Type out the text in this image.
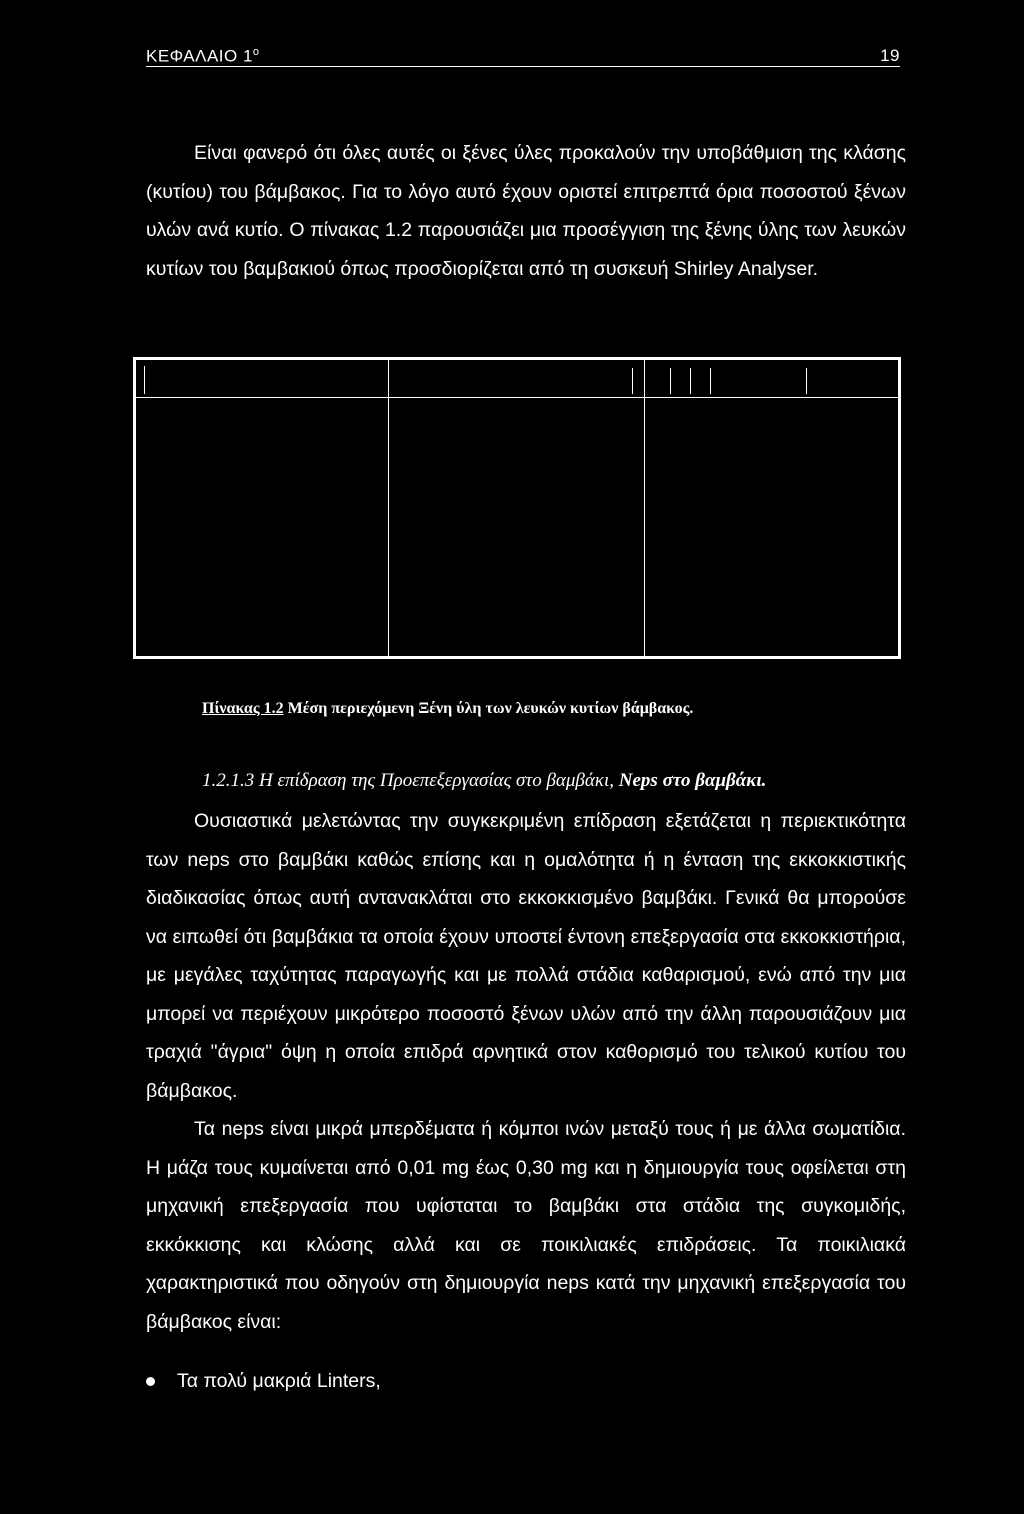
ΚΕΦΑΛΑΙΟ $1^o$	19

Είναι φανερό ότι όλες αυτές οι ξένες ύλες προκαλούν την υποβάθμιση της κλάσης (κυτίου) του βάμβακος. Για το λόγο αυτό έχουν οριστεί επιτρεπτά όρια ποσοστού ξένων υλών ανά κυτίο. Ο πίνακας 1.2 παρουσιάζει μια προσέγγιση της ξένης ύλης των λευκών κυτίων του βαμβακιού όπως προσδιορίζεται από τη συσκευή Shirley Analyser.

Πίνακας 1.2 Μέση περιεχόμενη Ξένη ύλη των λευκών κυτίων βάμβακος.

1.2.1.3 Η επίδραση της Προεπεξεργασίας στο βαμβάκι, Neps στο βαμβάκι.

Ουσιαστικά μελετώντας την συγκεκριμένη επίδραση εξετάζεται η περιεκτικότητα των neps στο βαμβάκι καθώς επίσης και η ομαλότητα ή η ένταση της εκκοκκιστικής διαδικασίας όπως αυτή αντανακλάται στο εκκοκκισμένο βαμβάκι. Γενικά θα μπορούσε να ειπωθεί ότι βαμβάκια τα οποία έχουν υποστεί έντονη επεξεργασία στα εκκοκκιστήρια, με μεγάλες ταχύτητας παραγωγής και με πολλά στάδια καθαρισμού, ενώ από την μια μπορεί να περιέχουν μικρότερο ποσοστό ξένων υλών από την άλλη παρουσιάζουν μια τραχιά "άγρια" όψη η οποία επιδρά αρνητικά στον καθορισμό του τελικού κυτίου του βάμβακος.

Τα neps είναι μικρά μπερδέματα ή κόμποι ινών μεταξύ τους ή με άλλα σωματίδια. Η μάζα τους κυμαίνεται από 0,01 mg έως 0,30 mg και η δημιουργία τους οφείλεται στη μηχανική επεξεργασία που υφίσταται το βαμβάκι στα στάδια της συγκομιδής, εκκόκκισης και κλώσης αλλά και σε ποικιλιακές επιδράσεις. Τα ποικιλιακά χαρακτηριστικά που οδηγούν στη δημιουργία neps κατά την μηχανική επεξεργασία του βάμβακος είναι:

Τα πολύ μακριά Linters,
